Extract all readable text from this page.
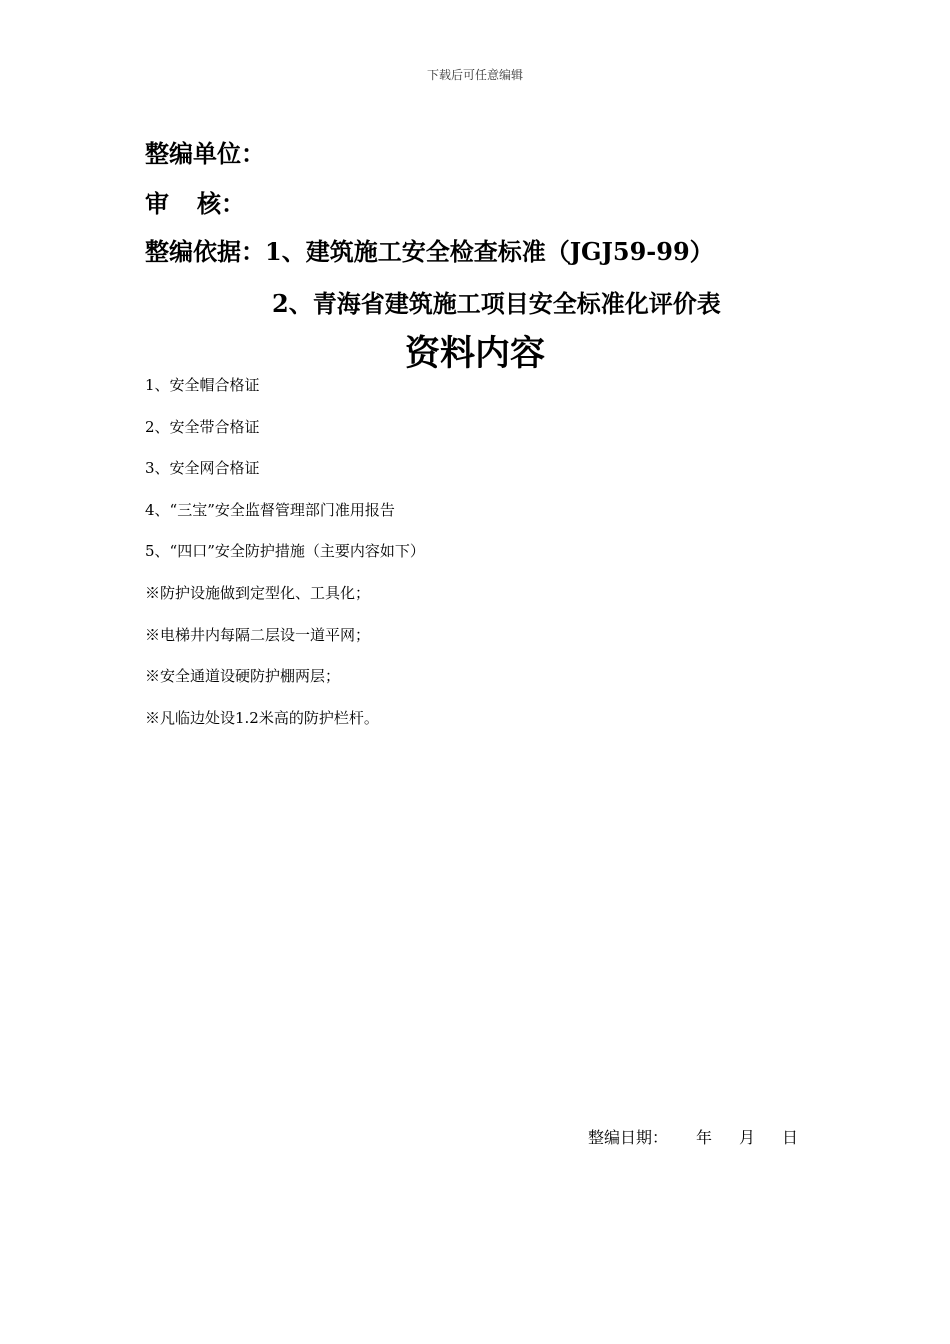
下载后可任意编辑
整编单位：
审 核：
整编依据：1、建筑施工安全检查标准（JGJ59-99）
2、青海省建筑施工项目安全标准化评价表
资料内容
1、安全帽合格证
2、安全带合格证
3、安全网合格证
4、“三宝”安全监督管理部门准用报告
5、“四口”安全防护措施（主要内容如下）
※防护设施做到定型化、工具化；
※电梯井内每隔二层设一道平网；
※安全通道设硬防护棚两层；
※凡临边处设1.2米高的防护栏杆。
整编日期： 年 月 日
